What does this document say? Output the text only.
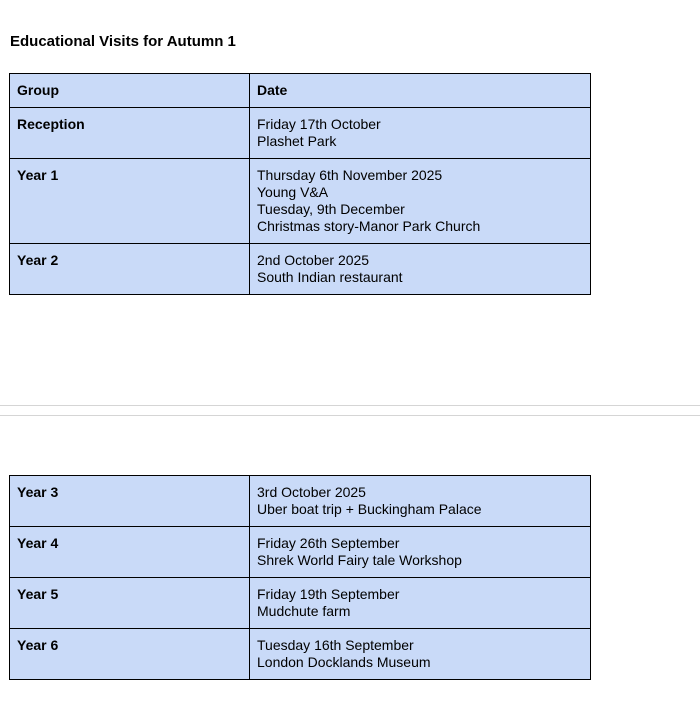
Educational Visits for Autumn 1
Group	Date
Reception	Friday 17th October
Plashet Park

Year 1	Thursday 6th November 2025
Young V&A
Tuesday, 9th December
Christmas story-Manor Park Church

Year 2	2nd October 2025
South Indian restaurant
Year 3	3rd October 2025
Uber boat trip + Buckingham Palace

Year 4	Friday 26th September
Shrek World Fairy tale Workshop

Year 5	Friday 19th September
Mudchute farm

Year 6	Tuesday 16th September
London Docklands Museum
